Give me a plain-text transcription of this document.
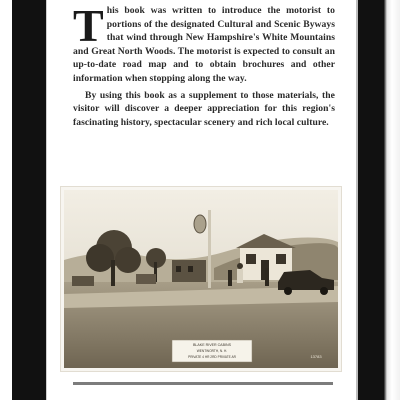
This book was written to introduce the motorist to portions of the designated Cultural and Scenic Byways that wind through New Hampshire's White Mountains and Great North Woods. The motorist is expected to consult an up-to-date road map and to obtain brochures and other information when stopping along the way.

By using this book as a supplement to those materials, the visitor will discover a deeper appreciation for this region's fascinating history, spectacular scenery and rich local culture.

BLAKE RIVER CABINS
WENTWORTH, N. H.
PRIVATE 4 HR 2RD PRIVATE AR	13783
